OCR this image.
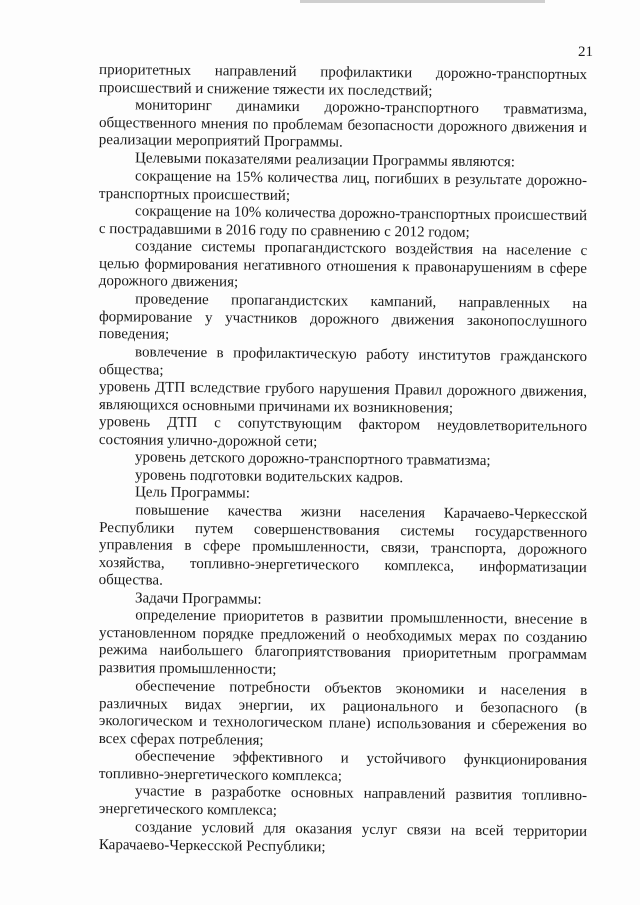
21

приоритетных направлений профилактики дорожно-транспортных происшествий и снижение тяжести их последствий;

мониторинг динамики дорожно-транспортного травматизма, общественного мнения по проблемам безопасности дорожного движения и реализации мероприятий Программы.

Целевыми показателями реализации Программы являются:

сокращение на 15% количества лиц, погибших в результате дорожно-транспортных происшествий;

сокращение на 10% количества дорожно-транспортных происшествий с пострадавшими в 2016 году по сравнению с 2012 годом;

создание системы пропагандистского воздействия на население с целью формирования негативного отношения к правонарушениям в сфере дорожного движения;

проведение пропагандистских кампаний, направленных на формирование у участников дорожного движения законопослушного поведения;

вовлечение в профилактическую работу институтов гражданского общества;

уровень ДТП вследствие грубого нарушения Правил дорожного движения, являющихся основными причинами их возникновения;

уровень ДТП с сопутствующим фактором неудовлетворительного состояния улично-дорожной сети;

уровень детского дорожно-транспортного травматизма;

уровень подготовки водительских кадров.

Цель Программы:

повышение качества жизни населения Карачаево-Черкесской Республики путем совершенствования системы государственного управления в сфере промышленности, связи, транспорта, дорожного хозяйства, топливно-энергетического комплекса, информатизации общества.

Задачи Программы:

определение приоритетов в развитии промышленности, внесение в установленном порядке предложений о необходимых мерах по созданию режима наибольшего благоприятствования приоритетным программам развития промышленности;

обеспечение потребности объектов экономики и населения в различных видах энергии, их рационального и безопасного (в экологическом и технологическом плане) использования и сбережения во всех сферах потребления;

обеспечение эффективного и устойчивого функционирования топливно-энергетического комплекса;

участие в разработке основных направлений развития топливно-энергетического комплекса;

создание условий для оказания услуг связи на всей территории Карачаево-Черкесской Республики;
